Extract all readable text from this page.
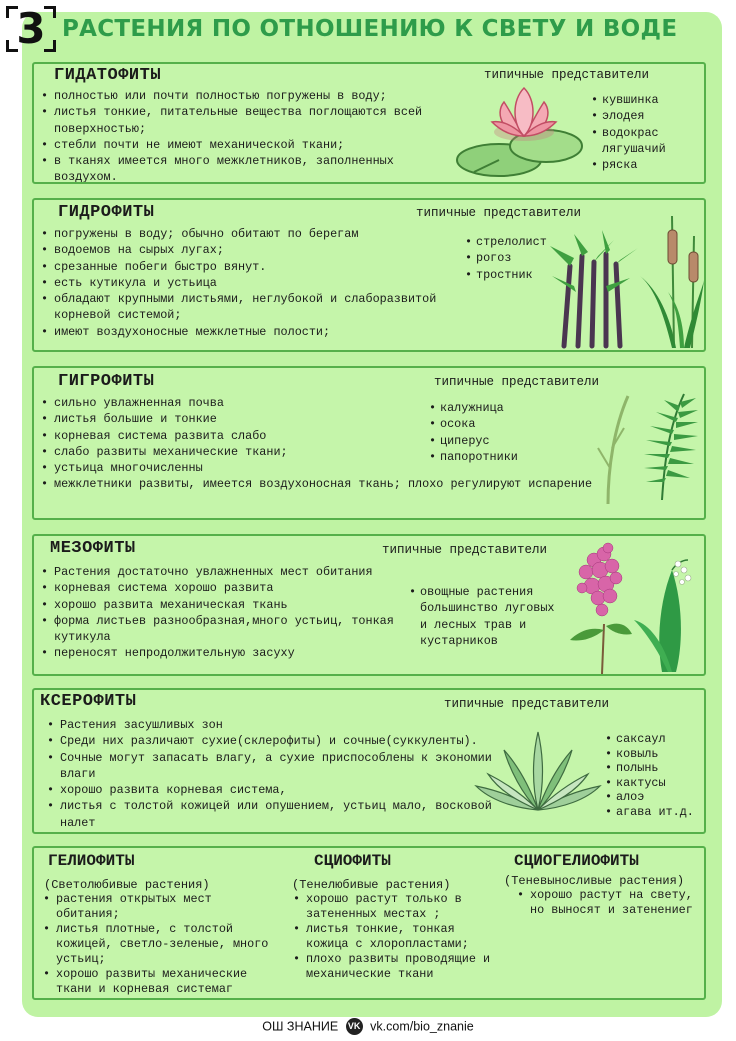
3 РАСТЕНИЯ ПО ОТНОШЕНИЮ К СВЕТУ И ВОДЕ
ГИДАТОФИТЫ	типичные представители
• полностью или почти полностью погружены в воду;
• листья тонкие, питательные вещества поглощаются всей поверхностью;
• стебли почти не имеют механической ткани;
• в тканях имеется много межклетников, заполненных воздухом.
• кувшинка
• элодея
• водокрас лягушачий
• ряска
ГИДРОФИТЫ	типичные представители
• погружены в воду; обычно обитают по берегам
• водоемов на сырых лугах;
• срезанные побеги быстро вянут.
• есть кутикула и устьица
• обладают крупными листьями, неглубокой и слаборазвитой корневой системой;
• имеют воздухоносные межклетные полости;
• стрелолист
• рогоз
• тростник
ГИГРОФИТЫ	типичные представители
• сильно увлажненная почва
• листья большие и тонкие
• корневая система развита слабо
• слабо развиты механические ткани;
• устьица многочисленны
• межклетники развиты, имеется воздухоносная ткань; плохо регулируют испарение
• калужница
• осока
• циперус
• папоротники
МЕЗОФИТЫ	типичные представители
• Растения достаточно увлажненных мест обитания
• корневая система хорошо развита
• хорошо развита механическая ткань
• форма листьев разнообразная,много устьиц, тонкая кутикула
• переносят непродолжительную засуху
• овощные растения большинство луговых и лесных трав и кустарников
КСЕРОФИТЫ	типичные представители
• Растения засушливых зон
• Среди них различают сухие(склерофиты) и сочные(суккуленты).
• Сочные могут запасать влагу, а сухие приспособлены к экономии влаги
• хорошо развита корневая система,
• листья с толстой кожицей или опушением, устьиц мало, восковой налет
• саксаул
• ковыль
• полынь
• кактусы
• алоэ
• агава ит.д.
ГЕЛИОФИТЫ
(Светолюбивые растения)
• растения открытых мест обитания;
• листья плотные, с толстой кожицей, светло-зеленые, много устьиц;
• хорошо развиты механические ткани и корневая системаг
СЦИОФИТЫ
(Тенелюбивые растения)
• хорошо растут только в затененных местах ;
• листья тонкие, тонкая кожица с хлоропластами;
• плохо развиты проводящие и механические ткани
СЦИОГЕЛИОФИТЫ
(Теневыносливые растения)
• хорошо растут на свету, но выносят и затенениег
ОШ ЗНАНИЕ VK vk.com/bio_znanie
